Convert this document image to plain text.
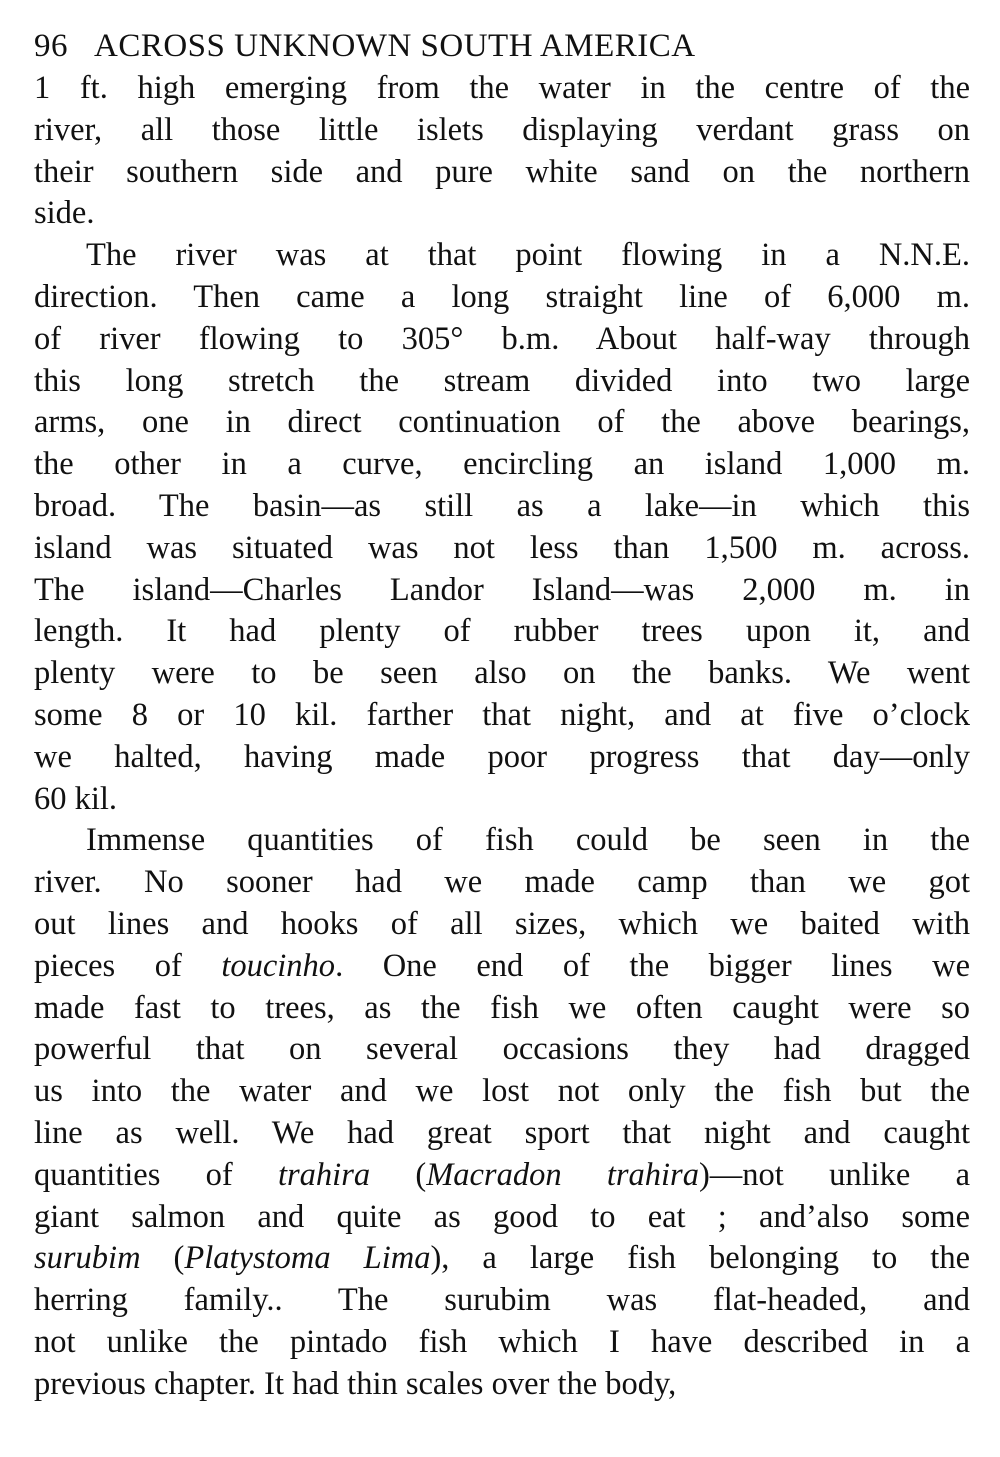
96 ACROSS UNKNOWN SOUTH AMERICA
1 ft. high emerging from the water in the centre of the
river, all those little islets displaying verdant grass on
their southern side and pure white sand on the northern
side.
The river was at that point flowing in a N.N.E.
direction. Then came a long straight line of 6,000 m.
of river flowing to 305° b.m. About half-way through
this long stretch the stream divided into two large
arms, one in direct continuation of the above bearings,
the other in a curve, encircling an island 1,000 m.
broad. The basin—as still as a lake—in which this
island was situated was not less than 1,500 m. across.
The island—Charles Landor Island—was 2,000 m. in
length. It had plenty of rubber trees upon it, and
plenty were to be seen also on the banks. We went
some 8 or 10 kil. farther that night, and at five o’clock
we halted, having made poor progress that day—only
60 kil.
Immense quantities of fish could be seen in the
river. No sooner had we made camp than we got
out lines and hooks of all sizes, which we baited with
pieces of toucinho. One end of the bigger lines we
made fast to trees, as the fish we often caught were so
powerful that on several occasions they had dragged
us into the water and we lost not only the fish but the
line as well. We had great sport that night and caught
quantities of trahira (Macradon trahira)—not unlike a
giant salmon and quite as good to eat ; and’also some
surubim (Platystoma Lima), a large fish belonging to the
herring family.. The surubim was flat-headed, and
not unlike the pintado fish which I have described in a
previous chapter. It had thin scales over the body,
